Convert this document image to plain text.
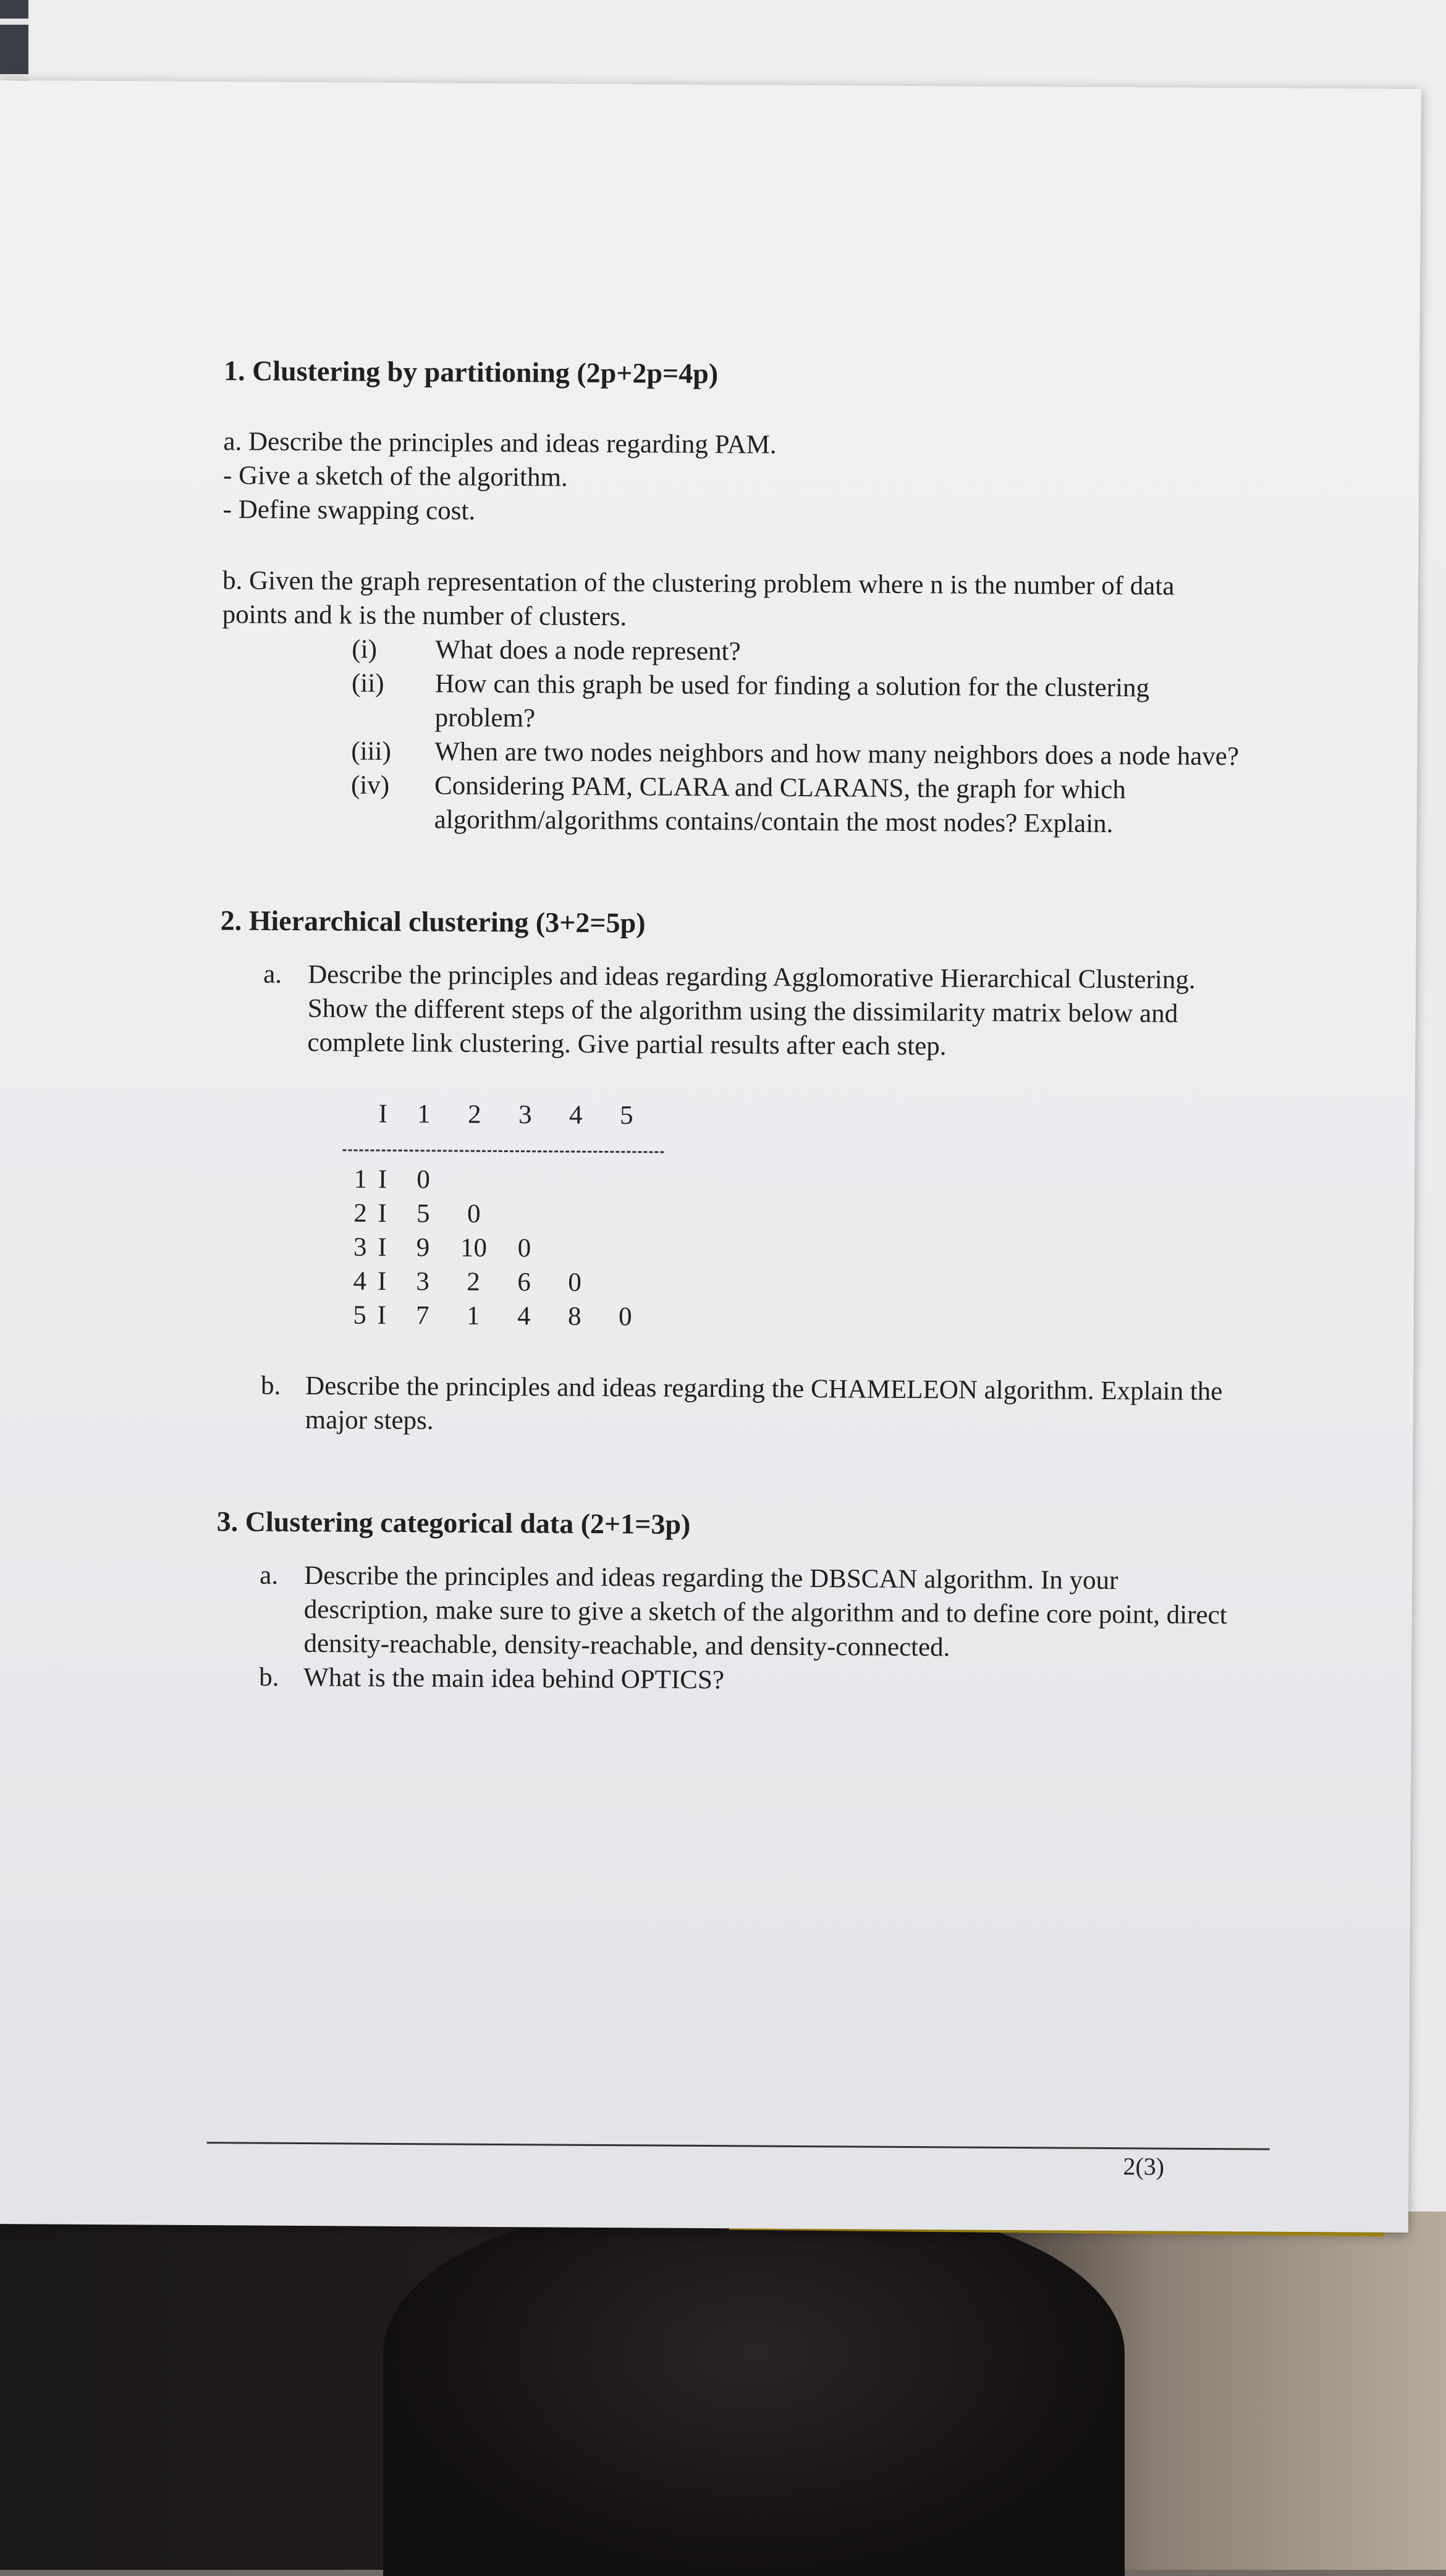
1. Clustering by partitioning (2p+2p=4p)
a. Describe the principles and ideas regarding PAM.
- Give a sketch of the algorithm.
- Define swapping cost.
b. Given the graph representation of the clustering problem where n is the number of data
points and k is the number of clusters.
(i)	What does a node represent?
(ii)	How can this graph be used for finding a solution for the clustering
problem?
(iii)	When are two nodes neighbors and how many neighbors does a node have?
(iv)	Considering PAM, CLARA and CLARANS, the graph for which
algorithm/algorithms contains/contain the most nodes? Explain.
2. Hierarchical clustering (3+2=5p)
a. Describe the principles and ideas regarding Agglomorative Hierarchical Clustering.
Show the different steps of the algorithm using the dissimilarity matrix below and
complete link clustering. Give partial results after each step.
I	1	2	3	4	5
1 I	0
2 I	5	0
3 I	9	10	0
4 I	3	2	6	0
5 I	7	1	4	8	0
b. Describe the principles and ideas regarding the CHAMELEON algorithm. Explain the
major steps.
3. Clustering categorical data (2+1=3p)
a. Describe the principles and ideas regarding the DBSCAN algorithm. In your
description, make sure to give a sketch of the algorithm and to define core point, direct
density-reachable, density-reachable, and density-connected.
b. What is the main idea behind OPTICS?
2(3)
